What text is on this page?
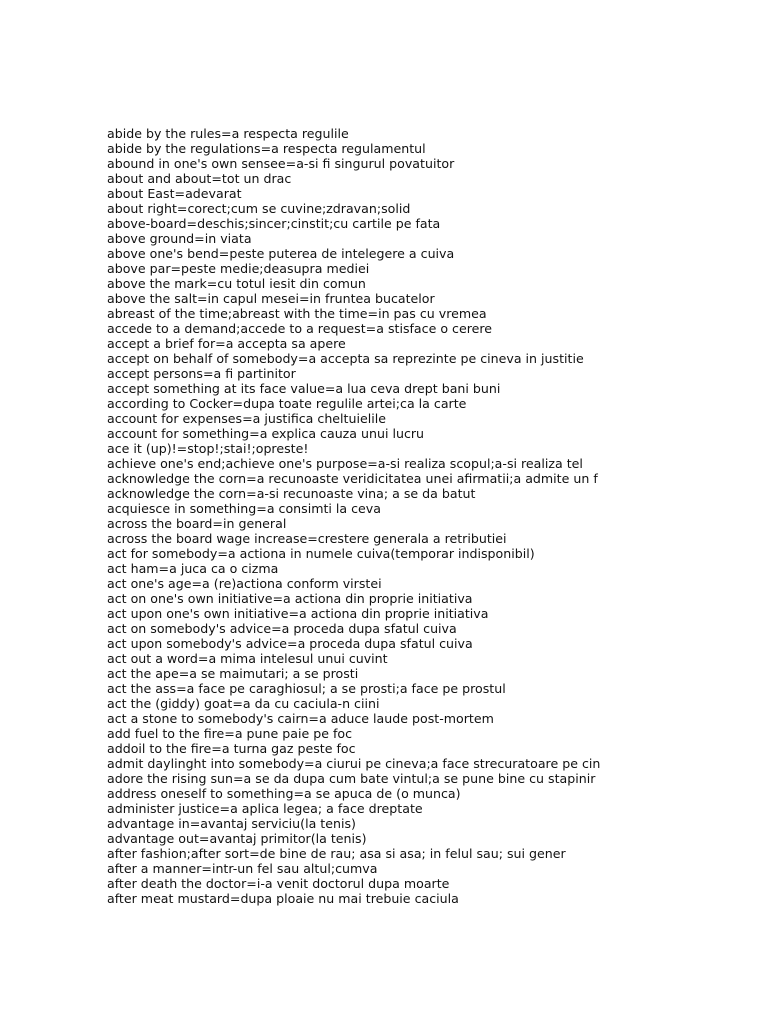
abide by the rules=a respecta regulile
abide by the regulations=a respecta regulamentul
abound in one's own sensee=a-si fi singurul povatuitor
about and about=tot un drac
about East=adevarat
about right=corect;cum se cuvine;zdravan;solid
above-board=deschis;sincer;cinstit;cu cartile pe fata
above ground=in viata
above one's bend=peste puterea de intelegere a cuiva
above par=peste medie;deasupra mediei
above the mark=cu totul iesit din comun
above the salt=in capul mesei=in fruntea bucatelor
abreast of the time;abreast with the time=in pas cu vremea
accede to a demand;accede to a request=a stisface o cerere
accept a brief for=a accepta sa apere
accept on behalf of somebody=a accepta sa reprezinte pe cineva in justitie
accept persons=a fi partinitor
accept something at its face value=a lua ceva drept bani buni
according to Cocker=dupa toate regulile artei;ca la carte
account for expenses=a justifica cheltuielile
account for something=a explica cauza unui lucru
ace it (up)!=stop!;stai!;opreste!
achieve one's end;achieve one's purpose=a-si realiza scopul;a-si realiza tel
acknowledge the corn=a recunoaste veridicitatea unei afirmatii;a admite un f
acknowledge the corn=a-si recunoaste vina; a se da batut
acquiesce in something=a consimti la ceva
across the board=in general
across the board wage increase=crestere generala a retributiei
act for somebody=a actiona in numele cuiva(temporar indisponibil)
act ham=a juca ca o cizma
act one's age=a (re)actiona conform virstei
act on one's own initiative=a actiona din proprie initiativa
act upon one's own initiative=a actiona din proprie initiativa
act on somebody's advice=a proceda dupa sfatul cuiva
act upon somebody's advice=a proceda dupa sfatul cuiva
act out a word=a mima intelesul unui cuvint
act the ape=a se maimutari; a se prosti
act the ass=a face pe caraghiosul; a se prosti;a face pe prostul
act the (giddy) goat=a da cu caciula-n ciini
act a stone to somebody's cairn=a aduce laude post-mortem
add fuel to the fire=a pune paie pe foc
addoil to the fire=a turna gaz peste foc
admit daylinght into somebody=a ciurui pe cineva;a face strecuratoare pe cin
adore the rising sun=a se da dupa cum bate vintul;a se pune bine cu stapinir
address oneself to something=a se apuca de (o munca)
administer justice=a aplica legea; a face dreptate
advantage in=avantaj serviciu(la tenis)
advantage out=avantaj primitor(la tenis)
after fashion;after sort=de bine de rau; asa si asa; in felul sau; sui gener
after a manner=intr-un fel sau altul;cumva
after death the doctor=i-a venit doctorul dupa moarte
after meat mustard=dupa ploaie nu mai trebuie caciula
